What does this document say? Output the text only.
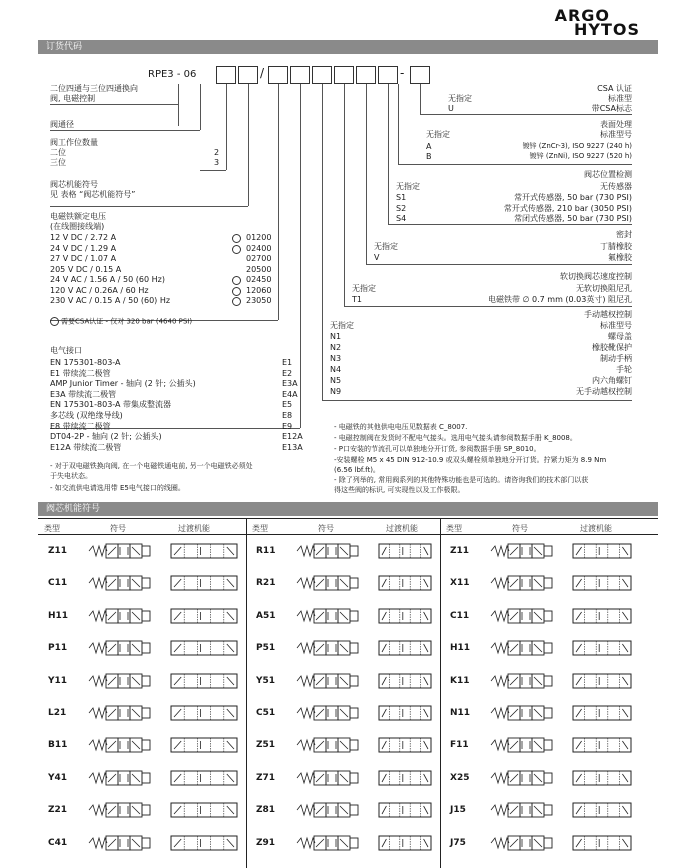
ARGO
HYTOS
订货代码
RPE3 - 06	/	-
二位四通与三位四通换向
阀, 电磁控制
阀通径
阀工作位数量
二位	2
三位	3
阀芯机能符号
见 表格 “阀芯机能符号”
电磁铁额定电压
(在线圈接线端)
12 V DC / 2.72 A	01200
24 V DC / 1.29 A	02400
27 V DC / 1.07 A	02700
205 V DC / 0.15 A	20500
24 V AC / 1.56 A / 50 (60 Hz)	02450
120 V AC / 0.26A / 60 Hz	12060
230 V AC / 0.15 A / 50 (60) Hz	23050
需要CSA认证 - 仅对 320 bar (4640 PSI)
电气接口
EN 175301-803-A	E1
E1 带续流二极管	E2
AMP Junior Timer - 轴向 (2 针; 公插头)	E3A
E3A 带续流二极管	E4A
EN 175301-803-A 带集成整流器	E5
多芯线 (双绝缘导线)	E8
E8 带续流二极管	E9
DT04-2P - 轴向 (2 针; 公插头)	E12A
E12A 带续流二极管	E13A
- 对于双电磁铁换向阀, 在一个电磁铁通电前, 另一个电磁铁必须处
于失电状态。
- 如交流供电请选用带 E5电气接口的线圈。
CSA 认证
无指定	标准型
U	带CSA标志
表面处理
标准型号
无指定
A	镀锌 (ZnCr-3), ISO 9227 (240 h)
B	镀锌 (ZnNi), ISO 9227 (520 h)
阀芯位置检测
无指定	无传感器
S1	常开式传感器, 50 bar (730 PSI)
S2	常开式传感器, 210 bar (3050 PSI)
S4	常闭式传感器, 50 bar (730 PSI)
密封
无指定	丁腈橡胶
V	氟橡胶
软切换阀芯速度控制
无指定	无软切换阻尼孔
T1	电磁铁带 ∅ 0.7 mm (0.03英寸) 阻尼孔
手动越权控制
无指定	标准型号
N1	螺母盖
N2	橡胶靴保护
N3	制动手柄
N4	手轮
N5	内六角螺钉
N9	无手动越权控制
- 电磁铁的其他供电电压见数据表 C_8007.
- 电磁控制阀在发货时不配电气接头。选用电气接头请参阅数据手册 K_8008。
- P口安装的节流孔可以单独地分开订货, 参阅数据手册 SP_8010。
-安装螺栓 M5 x 45 DIN 912-10.9 或双头螺栓须单独地分开订货。拧紧力矩为 8.9 Nm
(6.56 lbf.ft)。
- 除了列举的, 常用阀系列的其他特殊功能也是可选的。请咨询我们的技术部门以获
得这些阀的标识, 可实现性以及工作极限。
阀芯机能符号
类型	符号	过渡机能
Z11
C11
H11
P11
Y11
L21
B11
Y41
Z21
C41
类型	符号	过渡机能
R11
R21
A51
P51
Y51
C51
Z51
Z71
Z81
Z91
类型	符号	过渡机能
Z11
X11
C11
H11
K11
N11
F11
X25
J15
J75
